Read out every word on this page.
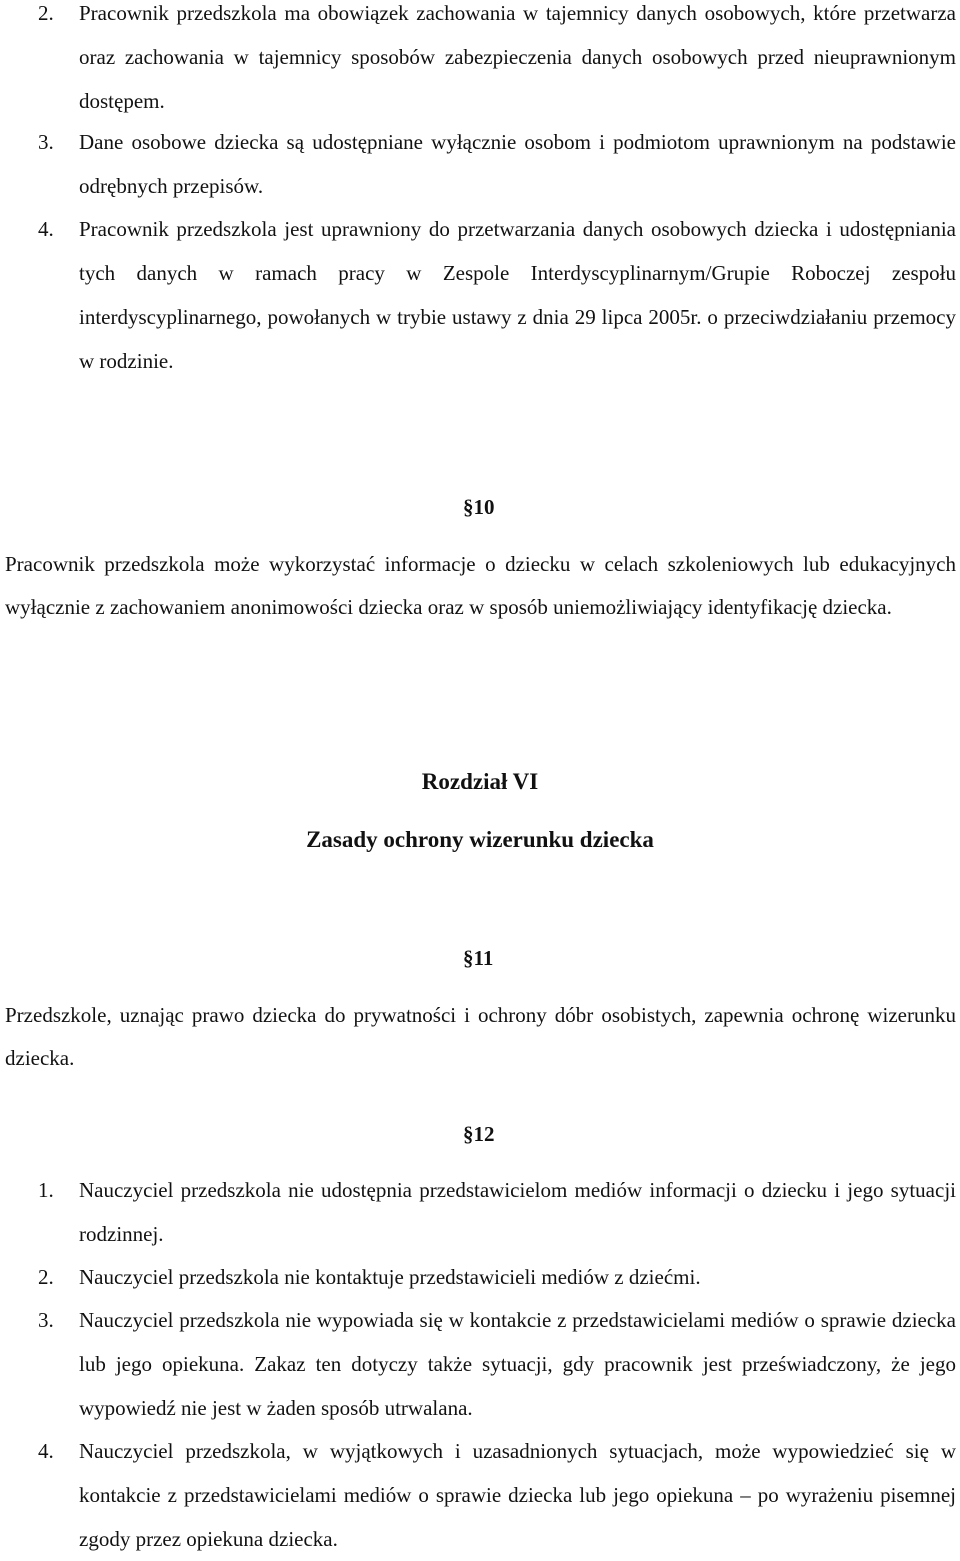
2. Pracownik przedszkola ma obowiązek zachowania w tajemnicy danych osobowych, które przetwarza oraz zachowania w tajemnicy sposobów zabezpieczenia danych osobowych przed nieuprawnionym dostępem.
3. Dane osobowe dziecka są udostępniane wyłącznie osobom i podmiotom uprawnionym na podstawie odrębnych przepisów.
4. Pracownik przedszkola jest uprawniony do przetwarzania danych osobowych dziecka i udostępniania tych danych w ramach pracy w Zespole Interdyscyplinarnym/Grupie Roboczej zespołu interdyscyplinarnego, powołanych w trybie ustawy z dnia 29 lipca 2005r. o przeciwdziałaniu przemocy w rodzinie.
§10
Pracownik przedszkola może wykorzystać informacje o dziecku w celach szkoleniowych lub edukacyjnych wyłącznie z zachowaniem anonimowości dziecka oraz w sposób uniemożliwiający identyfikację dziecka.
Rozdział VI
Zasady ochrony wizerunku dziecka
§11
Przedszkole, uznając prawo dziecka do prywatności i ochrony dóbr osobistych, zapewnia ochronę wizerunku dziecka.
§12
1. Nauczyciel przedszkola nie udostępnia przedstawicielom mediów informacji o dziecku i jego sytuacji rodzinnej.
2. Nauczyciel przedszkola nie kontaktuje przedstawicieli mediów z dziećmi.
3. Nauczyciel przedszkola nie wypowiada się w kontakcie z przedstawicielami mediów o sprawie dziecka lub jego opiekuna. Zakaz ten dotyczy także sytuacji, gdy pracownik jest przeświadczony, że jego wypowiedź nie jest w żaden sposób utrwalana.
4. Nauczyciel przedszkola, w wyjątkowych i uzasadnionych sytuacjach, może wypowiedzieć się w kontakcie z przedstawicielami mediów o sprawie dziecka lub jego opiekuna – po wyrażeniu pisemnej zgody przez opiekuna dziecka.
